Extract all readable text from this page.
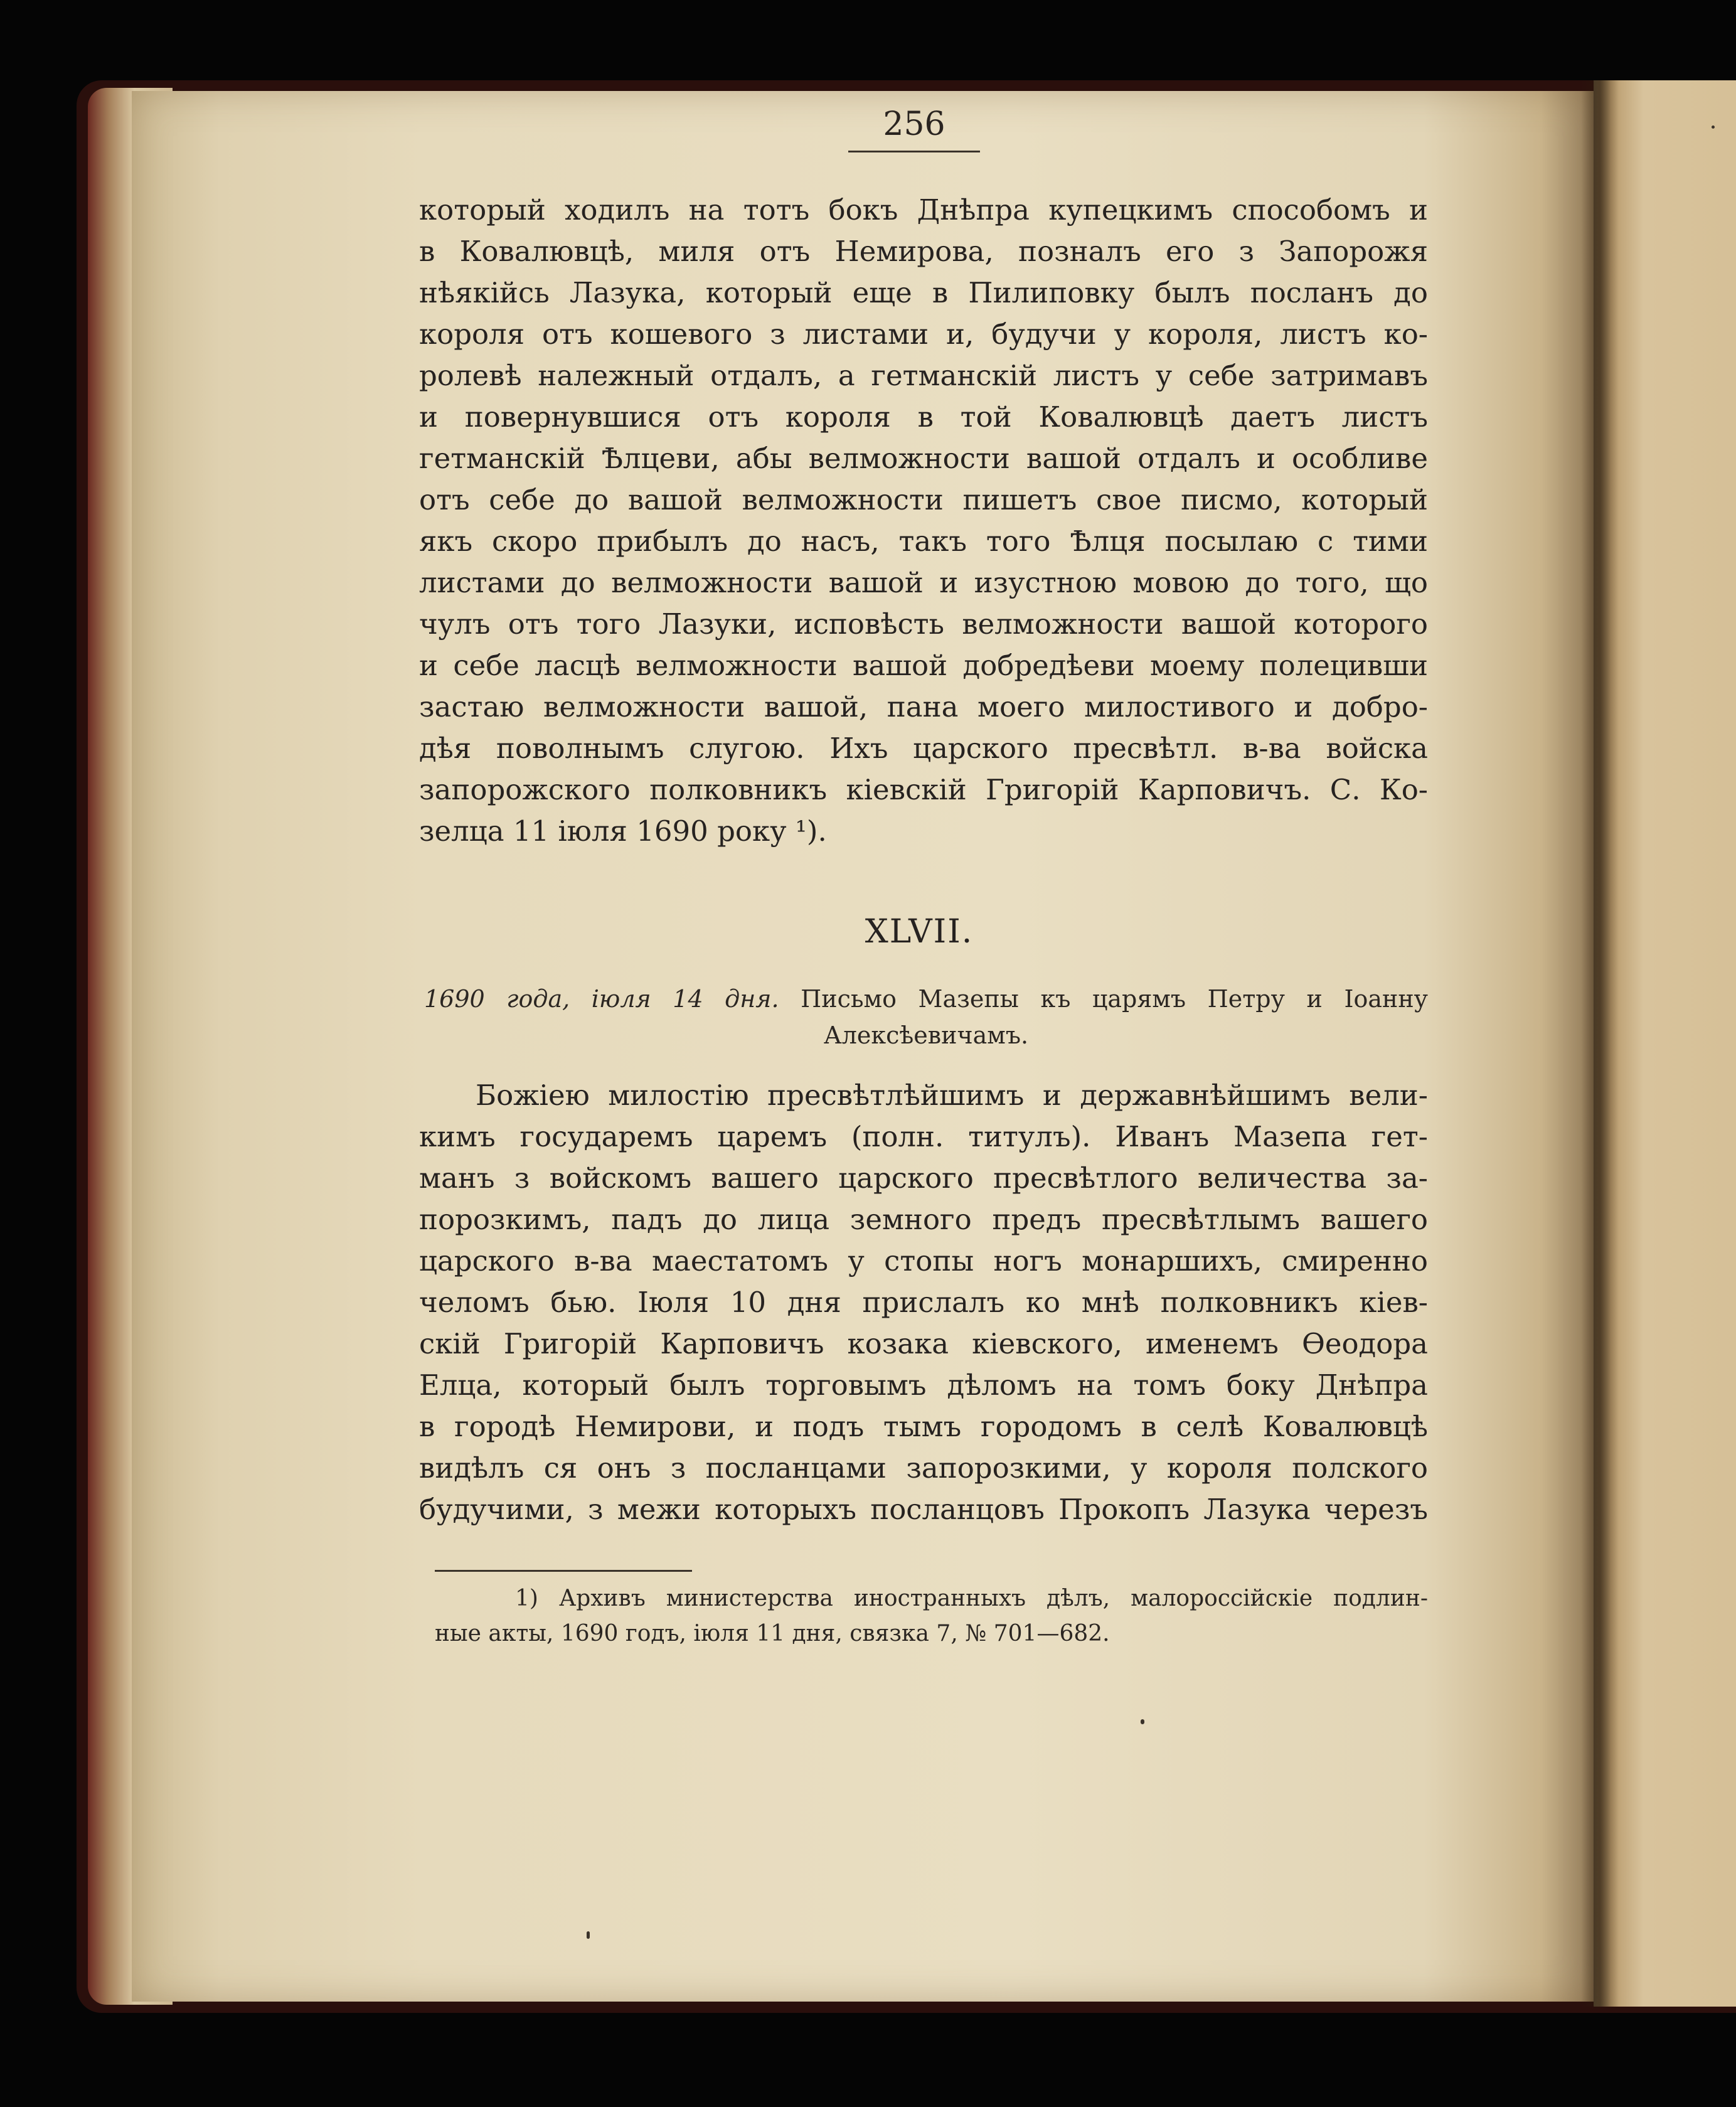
256
который ходилъ на тотъ бокъ Днѣпра купецкимъ способомъ и
в Ковалювцѣ, миля отъ Немирова, позналъ его з Запорожя
нѣякійсь Лазука, который еще в Пилиповку былъ посланъ до
короля отъ кошевого з листами и, будучи у короля, листъ ко-
ролевѣ належный отдалъ, а гетманскій листъ у себе затримавъ
и повернувшися отъ короля в той Ковалювцѣ даетъ листъ
гетманскій Ѣлцеви, абы велможности вашой отдалъ и особливе
отъ себе до вашой велможности пишетъ свое писмо, который
якъ скоро прибылъ до насъ, такъ того Ѣлця посылаю с тими
листами до велможности вашой и изустною мовою до того, що
чулъ отъ того Лазуки, исповѣсть велможности вашой которого
и себе ласцѣ велможности вашой добредѣеви моему полецивши
застаю велможности вашой, пана моего милостивого и добро-
дѣя поволнымъ слугою. Ихъ царского пресвѣтл. в-ва войска
запорожского полковникъ кіевскій Григорій Карповичъ. С. Ко-
зелца 11 іюля 1690 року ¹).
XLVII.
1690 года, іюля 14 дня. Письмо Мазепы къ царямъ Петру и Іоанну
Алексѣевичамъ.
Божіею милостію пресвѣтлѣйшимъ и державнѣйшимъ вели-
кимъ государемъ царемъ (полн. титулъ). Иванъ Мазепа гет-
манъ з войскомъ вашего царского пресвѣтлого величества за-
порозкимъ, падъ до лица земного предъ пресвѣтлымъ вашего
царского в-ва маестатомъ у стопы ногъ монаршихъ, смиренно
челомъ бью. Іюля 10 дня прислалъ ко мнѣ полковникъ кіев-
скій Григорій Карповичъ козака кіевского, именемъ Ѳеодора
Елца, который былъ торговымъ дѣломъ на томъ боку Днѣпра
в городѣ Немирови, и подъ тымъ городомъ в селѣ Ковалювцѣ
видѣлъ ся онъ з посланцами запорозкими, у короля полского
будучими, з межи которыхъ посланцовъ Прокопъ Лазука черезъ
1) Архивъ министерства иностранныхъ дѣлъ, малороссійскіе подлин-
ные акты, 1690 годъ, іюля 11 дня, связка 7, № 701—682.
